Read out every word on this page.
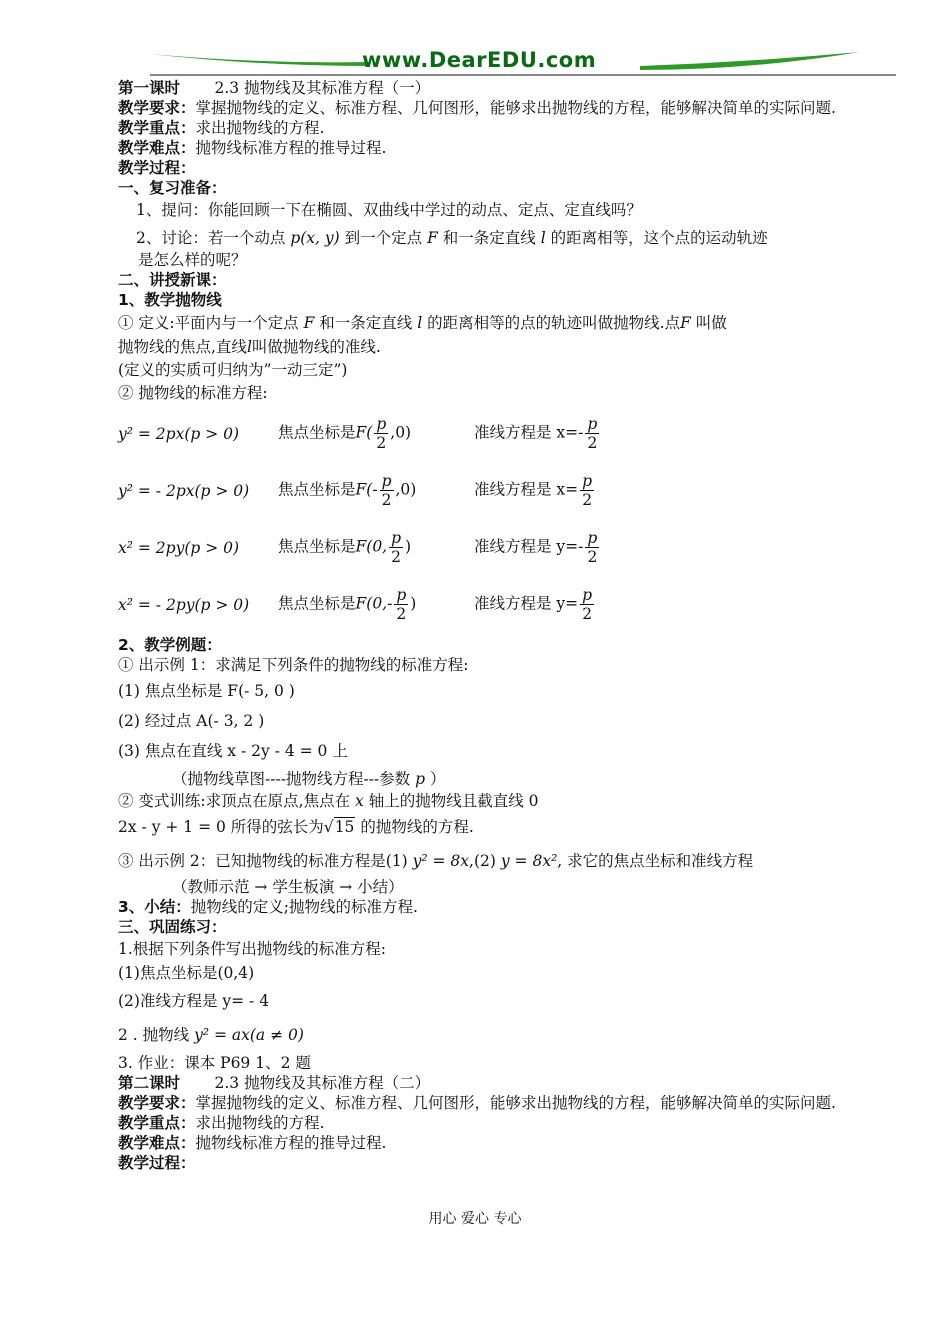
www.DearEDU.com
第一课时 2.3 抛物线及其标准方程（一）
教学要求：掌握抛物线的定义、标准方程、几何图形，能够求出抛物线的方程，能够解决简单的实际问题.
教学重点：求出抛物线的方程.
教学难点：抛物线标准方程的推导过程.
教学过程：
一、复习准备：
1、提问：你能回顾一下在椭圆、双曲线中学过的动点、定点、定直线吗？
2、讨论：若一个动点 p(x, y) 到一个定点 F 和一条定直线 l 的距离相等，这个点的运动轨迹
是怎么样的呢？
二、讲授新课：
1、教学抛物线
① 定义:平面内与一个定点 F 和一条定直线 l 的距离相等的点的轨迹叫做抛物线.点F 叫做
抛物线的焦点,直线l叫做抛物线的准线.
(定义的实质可归纳为”一动三定”)
② 抛物线的标准方程:
y² = 2px(p > 0)	焦点坐标是$F( \frac{p}{2} ,0)$	准线方程是 $x=- \frac{p}{2}$
y² = - 2px(p > 0)	焦点坐标是$F(- \frac{p}{2} ,0)$	准线方程是 $x= \frac{p}{2}$
x² = 2py(p > 0)	焦点坐标是F(0, $\frac{p}{2}$ )	准线方程是 $y=- \frac{p}{2}$
x² = - 2py(p > 0)	焦点坐标是$F(0,- \frac{p}{2}$ )	准线方程是 $y= \frac{p}{2}$
2、教学例题：
① 出示例 1：求满足下列条件的抛物线的标准方程:
(1) 焦点坐标是 F(- 5, 0 )
(2) 经过点 A(- 3, 2 )
(3) 焦点在直线 x - 2y - 4 = 0 上
（抛物线草图----抛物线方程---参数 p ）
② 变式训练:求顶点在原点,焦点在 x 轴上的抛物线且截直线 0
2x - y + 1 = 0 所得的弦长为√15 的抛物线的方程.
③ 出示例 2：已知抛物线的标准方程是(1) y² = 8x,(2) y = 8x², 求它的焦点坐标和准线方程
（教师示范 → 学生板演 → 小结）
3、小结：抛物线的定义;抛物线的标准方程.
三、巩固练习：
1.根据下列条件写出抛物线的标准方程:
(1)焦点坐标是(0,4)
(2)准线方程是 y= - 4
2 . 抛物线 y² = ax(a ≠ 0)
3. 作业：课本 P69 1、2 题
第二课时 2.3 抛物线及其标准方程（二）
教学要求：掌握抛物线的定义、标准方程、几何图形，能够求出抛物线的方程，能够解决简单的实际问题.
教学重点：求出抛物线的方程.
教学难点：抛物线标准方程的推导过程.
教学过程：
用心 爱心 专心
